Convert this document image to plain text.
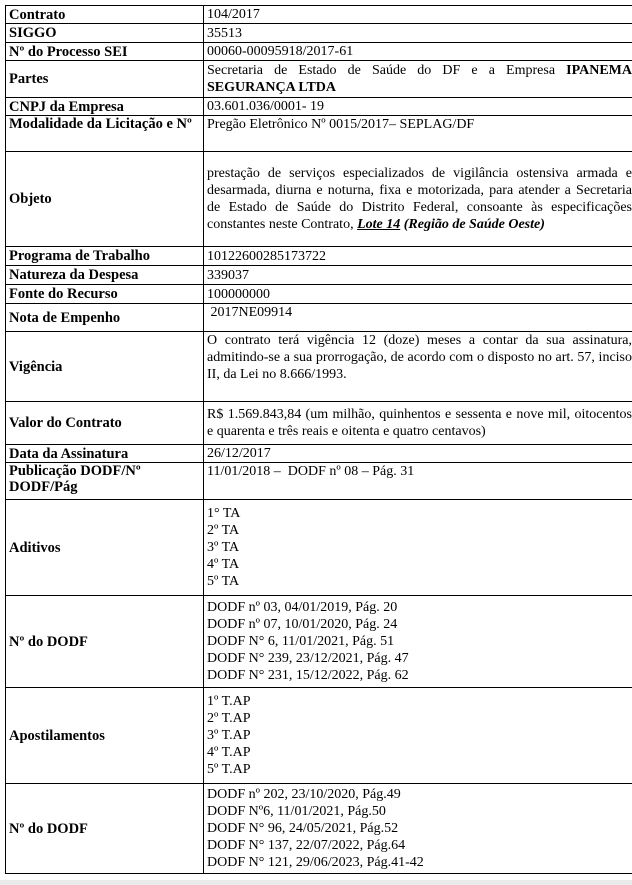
Contrato	104/2017
SIGGO	35513
Nº do Processo SEI	00060-00095918/2017-61
Partes	Secretaria de Estado de Saúde do DF e a Empresa IPANEMA SEGURANÇA LTDA
CNPJ da Empresa	03.601.036/0001- 19
Modalidade da Licitação e Nº	Pregão Eletrônico Nº 0015/2017– SEPLAG/DF
Objeto	prestação de serviços especializados de vigilância ostensiva armada e desarmada, diurna e noturna, fixa e motorizada, para atender a Secretaria de Estado de Saúde do Distrito Federal, consoante às especificações constantes neste Contrato, Lote 14 (Região de Saúde Oeste)
Programa de Trabalho	10122600285173722
Natureza da Despesa	339037
Fonte do Recurso	100000000
Nota de Empenho	2017NE09914
Vigência	O contrato terá vigência 12 (doze) meses a contar da sua assinatura, admitindo-se a sua prorrogação, de acordo com o disposto no art. 57, inciso II, da Lei no 8.666/1993.
Valor do Contrato	R$ 1.569.843,84 (um milhão, quinhentos e sessenta e nove mil, oitocentos e quarenta e três reais e oitenta e quatro centavos)
Data da Assinatura	26/12/2017
Publicação DODF/Nº DODF/Pág	11/01/2018 –  DODF nº 08 – Pág. 31
Aditivos	1° TA
2º TA
3º TA
4º TA
5º TA

Nº do DODF	DODF nº 03, 04/01/2019, Pág. 20
DODF nº 07, 10/01/2020, Pág. 24
DODF N° 6, 11/01/2021, Pág. 51
DODF N° 239, 23/12/2021, Pág. 47
DODF N° 231, 15/12/2022, Pág. 62

Apostilamentos	1º T.AP
2º T.AP
3º T.AP
4º T.AP
5º T.AP

Nº do DODF	DODF nº 202, 23/10/2020, Pág.49
DODF Nº6, 11/01/2021, Pág.50
DODF N° 96, 24/05/2021, Pág.52
DODF N° 137, 22/07/2022, Pág.64
DODF N° 121, 29/06/2023, Pág.41-42
